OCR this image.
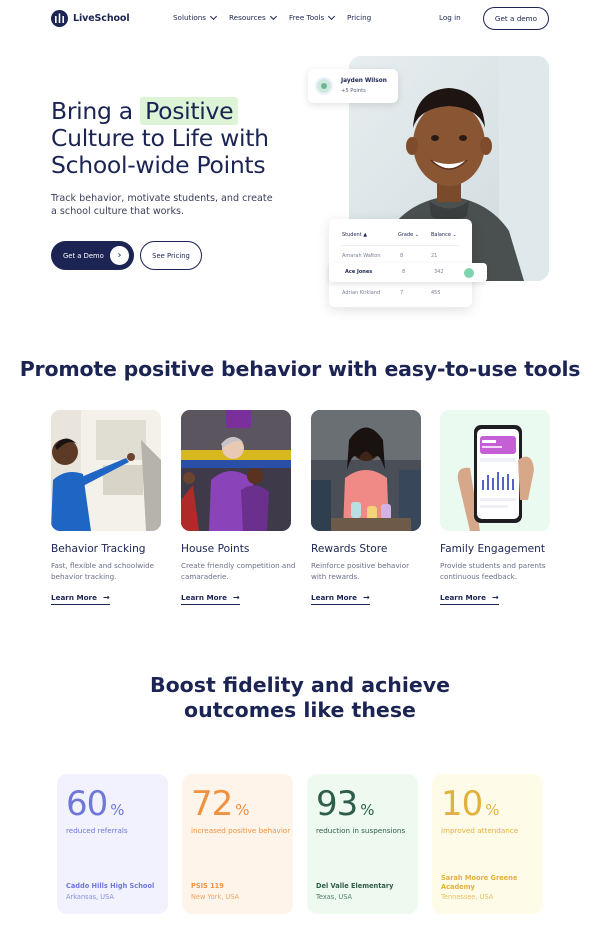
LiveSchool	Solutions	Resources	Free Tools	Pricing	Log in	Get a demo
Bring a Positive
Culture to Life with
School-wide Points

Track behavior, motivate students, and create a school culture that works.

Get a Demo	›	See Pricing
Jayden Wilson
+5 Points
Student ▲	Grade ⌄ Balance ⌄
Amarah Walton	8	21
Adrian Kirkland	7	455
Ace Jones	8	342
Promote positive behavior with easy-to-use tools
Behavior Tracking
Fast, flexible and schoolwide behavior tracking.
Learn More →
House Points
Create friendly competition and camaraderie.
Learn More →
Rewards Store
Reinforce positive behavior with rewards.
Learn More →
Family Engagement
Provide students and parents continuous feedback.
Learn More →
Boost fidelity and achieve
outcomes like these
60 %
reduced referrals
Caddo Hills High School
Arkansas, USA
72 %
increased positive behavior
PSIS 119
New York, USA
93 %
reduction in suspensions
Del Valle Elementary
Texas, USA
10 %
improved attendance
Sarah Moore Greene Academy
Tennessee, USA
